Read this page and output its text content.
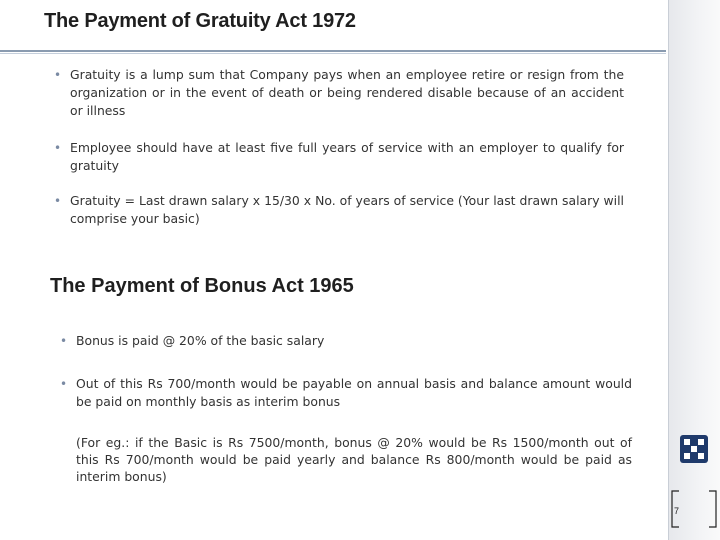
The Payment of Gratuity Act 1972
• Gratuity is a lump sum that Company pays when an employee retire or resign from the organization or in the event of death or being rendered disable because of an accident or illness
• Employee should have at least five full years of service with an employer to qualify for gratuity
• Gratuity = Last drawn salary x 15/30 x No. of years of service (Your last drawn salary will comprise your basic)
The Payment of Bonus Act 1965
• Bonus is paid @ 20% of the basic salary
• Out of this Rs 700/month would be payable on annual basis and balance amount would be paid on monthly basis as interim bonus
(For eg.: if the Basic is Rs 7500/month, bonus @ 20% would be Rs 1500/month out of this Rs 700/month would be paid yearly and balance Rs 800/month would be paid as interim bonus)
7
